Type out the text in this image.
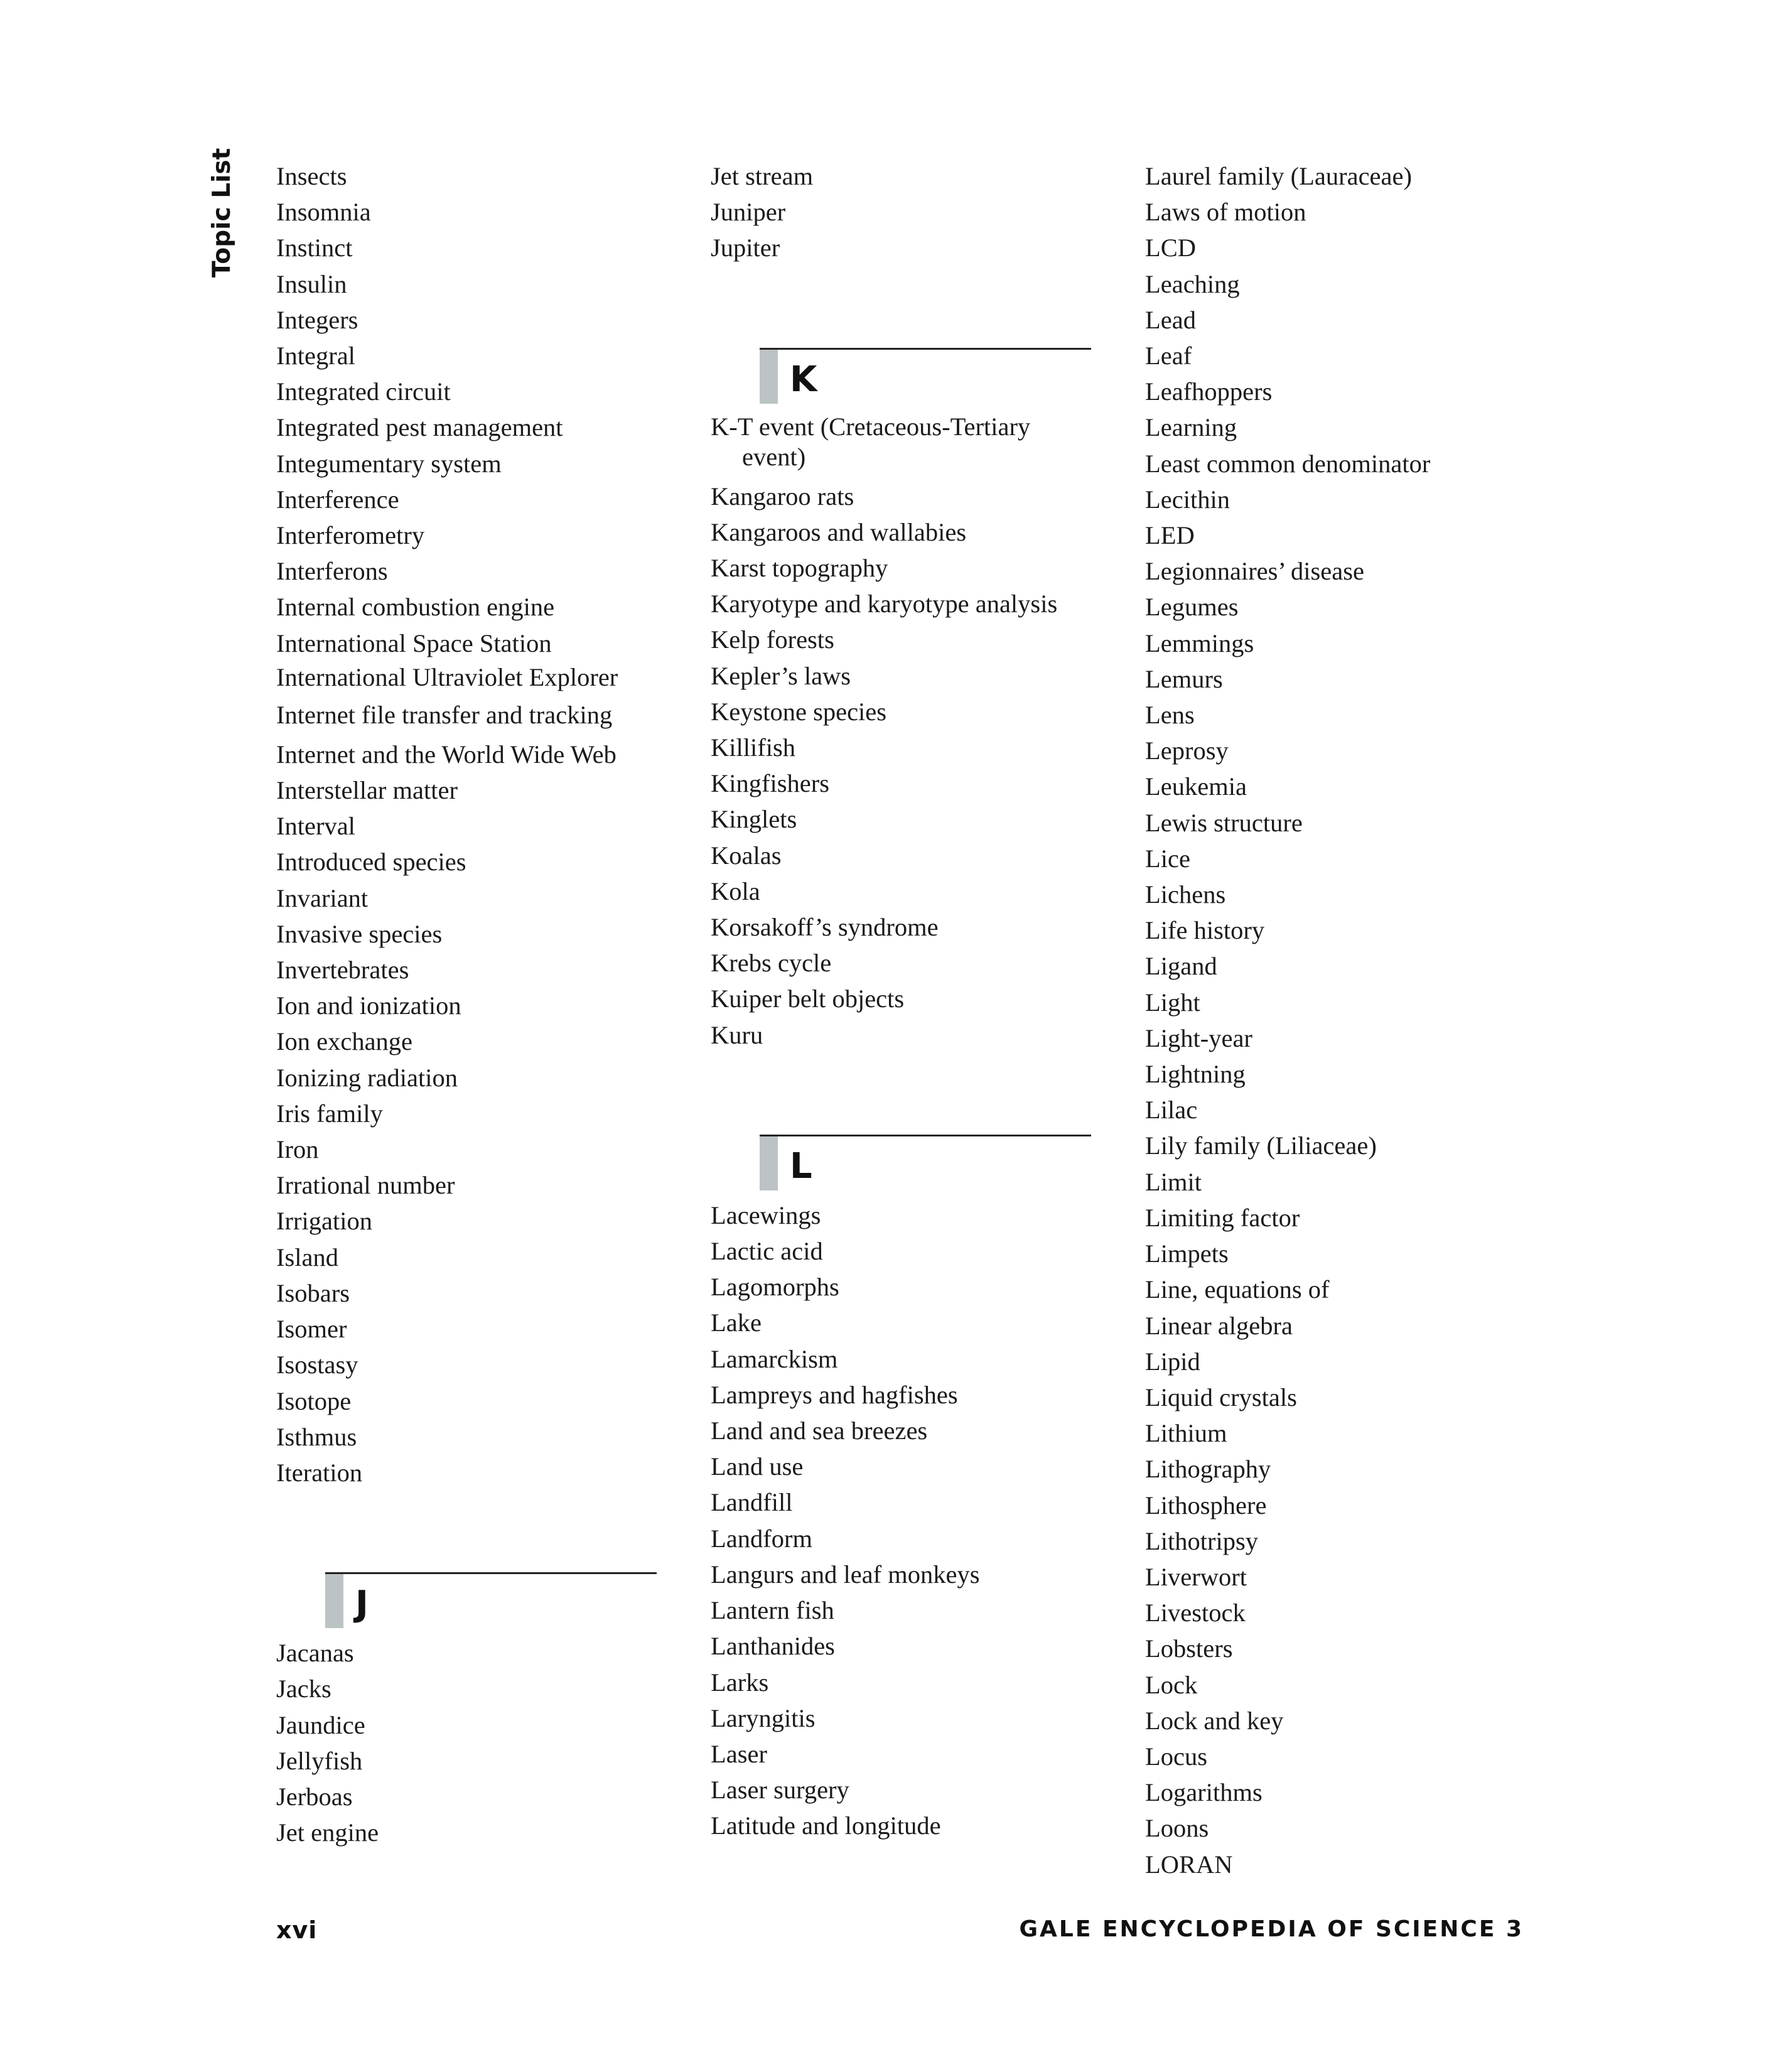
Topic List Insects
Insomnia
Instinct
Insulin
Integers
Integral
Integrated circuit
Integrated pest management
Integumentary system
Interference
Interferometry
Interferons
Internal combustion engine
International Space Station
International Ultraviolet Explorer
Internet file transfer and tracking
Internet and the World Wide Web
Interstellar matter
Interval
Introduced species
Invariant
Invasive species
Invertebrates
Ion and ionization
Ion exchange
Ionizing radiation
Iris family
Iron
Irrational number
Irrigation
Island
Isobars
Isomer
Isostasy
Isotope
Isthmus
Iteration
J
Jacanas
Jacks
Jaundice
Jellyfish
Jerboas
Jet engine
Jet stream
Juniper
Jupiter
K
K-T event (Cretaceous-Tertiary event)
Kangaroo rats
Kangaroos and wallabies
Karst topography
Karyotype and karyotype analysis
Kelp forests
Kepler’s laws
Keystone species
Killifish
Kingfishers
Kinglets
Koalas
Kola
Korsakoff’s syndrome
Krebs cycle
Kuiper belt objects
Kuru
L
Lacewings
Lactic acid
Lagomorphs
Lake
Lamarckism
Lampreys and hagfishes
Land and sea breezes
Land use
Landfill
Landform
Langurs and leaf monkeys
Lantern fish
Lanthanides
Larks
Laryngitis
Laser
Laser surgery
Latitude and longitude
Laurel family (Lauraceae)
Laws of motion
LCD
Leaching
Lead
Leaf
Leafhoppers
Learning
Least common denominator
Lecithin
LED
Legionnaires’ disease
Legumes
Lemmings
Lemurs
Lens
Leprosy
Leukemia
Lewis structure
Lice
Lichens
Life history
Ligand
Light
Light-year
Lightning
Lilac
Lily family (Liliaceae)
Limit
Limiting factor
Limpets
Line, equations of
Linear algebra
Lipid
Liquid crystals
Lithium
Lithography
Lithosphere
Lithotripsy
Liverwort
Livestock
Lobsters
Lock
Lock and key
Locus
Logarithms
Loons
LORAN
xvi	GALE ENCYCLOPEDIA OF SCIENCE 3
